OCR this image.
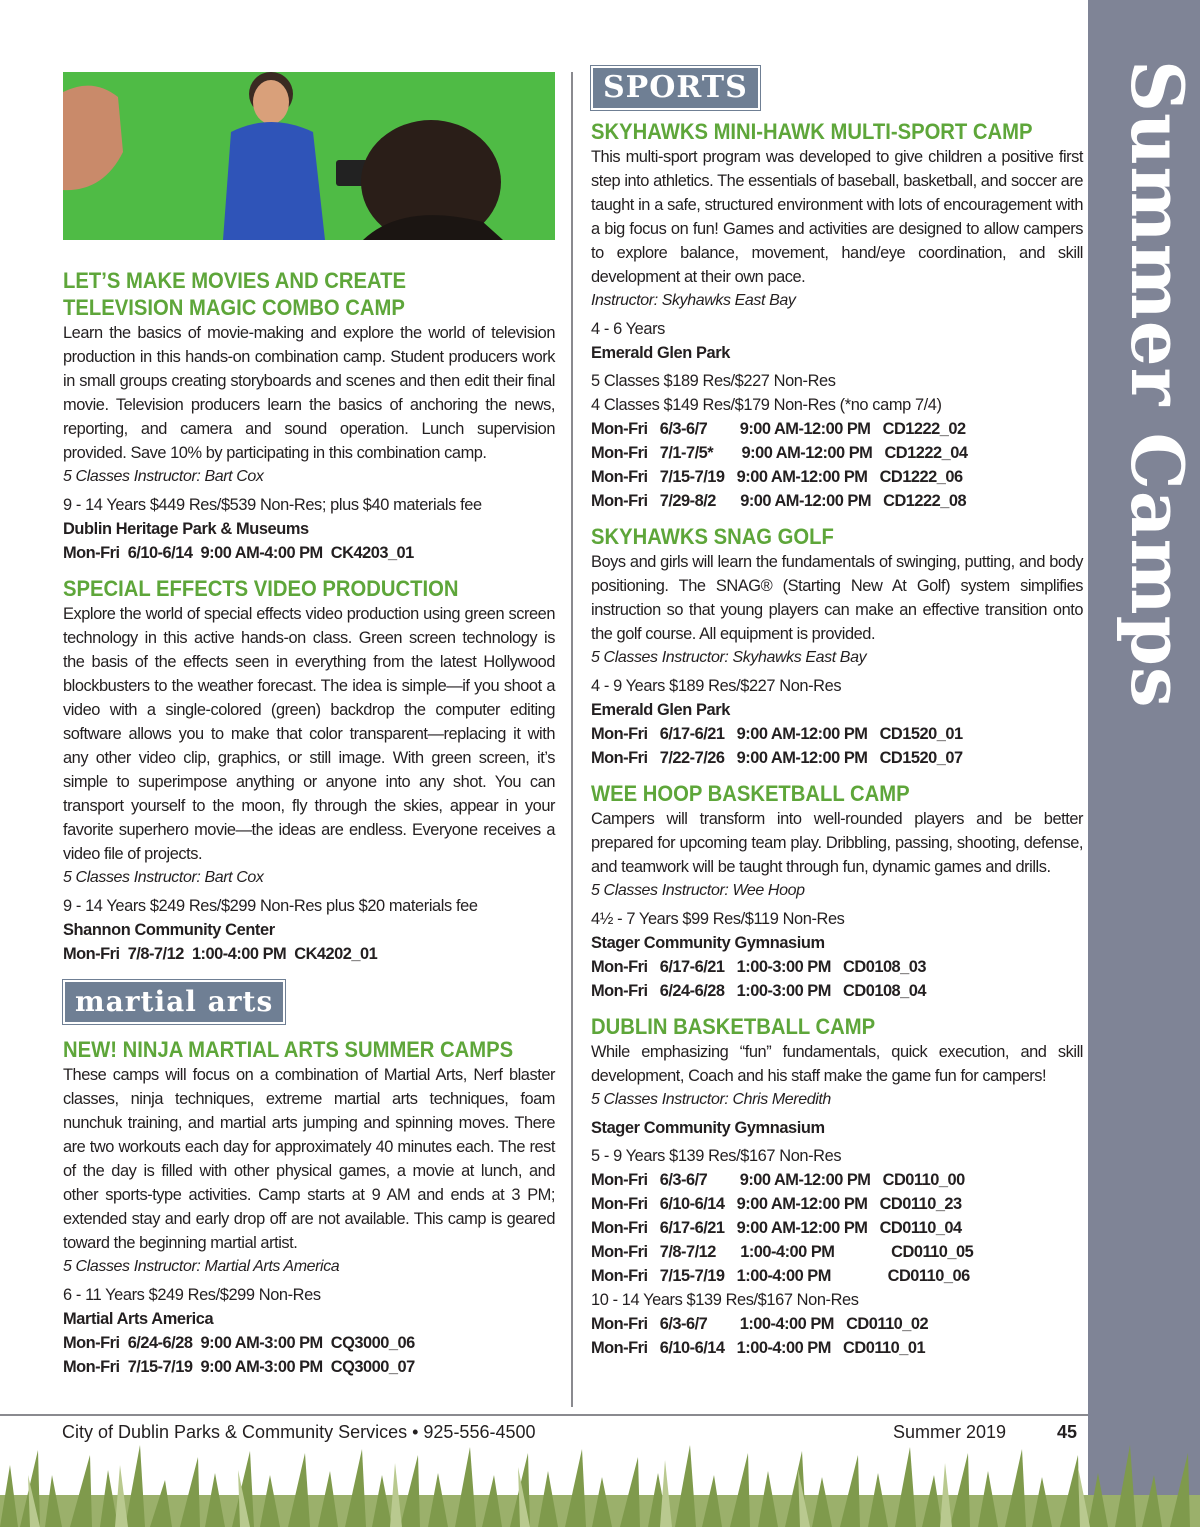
Summer Camps
LET’S MAKE MOVIES AND CREATE TELEVISION MAGIC COMBO CAMP

Learn the basics of movie-making and explore the world of television production in this hands-on combination camp. Student producers work in small groups creating storyboards and scenes and then edit their final movie. Television producers learn the basics of anchoring the news, reporting, and camera and sound operation. Lunch supervision provided. Save 10% by participating in this combination camp.

5 Classes Instructor: Bart Cox

9 - 14 Years $449 Res/$539 Non-Res; plus $40 materials fee

Dublin Heritage Park & Museums

Mon-Fri  6/10-6/14  9:00 AM-4:00 PM  CK4203_01

SPECIAL EFFECTS VIDEO PRODUCTION

Explore the world of special effects video production using green screen technology in this active hands-on class. Green screen technology is the basis of the effects seen in everything from the latest Hollywood blockbusters to the weather forecast. The idea is simple—if you shoot a video with a single-colored (green) backdrop the computer editing software allows you to make that color transparent—replacing it with any other video clip, graphics, or still image. With green screen, it’s simple to superimpose anything or anyone into any shot. You can transport yourself to the moon, fly through the skies, appear in your favorite superhero movie—the ideas are endless. Everyone receives a video file of projects.

5 Classes Instructor: Bart Cox

9 - 14 Years $249 Res/$299 Non-Res plus $20 materials fee

Shannon Community Center

Mon-Fri  7/8-7/12  1:00-4:00 PM  CK4202_01

martial arts
NEW! NINJA MARTIAL ARTS SUMMER CAMPS

These camps will focus on a combination of Martial Arts, Nerf blaster classes, ninja techniques, extreme martial arts techniques, foam nunchuk training, and martial arts jumping and spinning moves. There are two workouts each day for approximately 40 minutes each. The rest of the day is filled with other physical games, a movie at lunch, and other sports-type activities. Camp starts at 9 AM and ends at 3 PM; extended stay and early drop off are not available. This camp is geared toward the beginning martial artist.

5 Classes Instructor: Martial Arts America

6 - 11 Years $249 Res/$299 Non-Res

Martial Arts America

Mon-Fri  6/24-6/28  9:00 AM-3:00 PM  CQ3000_06

Mon-Fri  7/15-7/19  9:00 AM-3:00 PM  CQ3000_07

SPORTS
SKYHAWKS MINI-HAWK MULTI-SPORT CAMP

This multi-sport program was developed to give children a positive first step into athletics. The essentials of baseball, basketball, and soccer are taught in a safe, structured environment with lots of encouragement with a big focus on fun! Games and activities are designed to allow campers to explore balance, movement, hand/eye coordination, and skill development at their own pace.

Instructor: Skyhawks East Bay

4 - 6 Years

Emerald Glen Park

5 Classes $189 Res/$227 Non-Res

4 Classes $149 Res/$179 Non-Res (*no camp 7/4)

Mon-Fri   6/3-6/7        9:00 AM-12:00 PM   CD1222_02

Mon-Fri   7/1-7/5*       9:00 AM-12:00 PM   CD1222_04

Mon-Fri   7/15-7/19   9:00 AM-12:00 PM   CD1222_06

Mon-Fri   7/29-8/2      9:00 AM-12:00 PM   CD1222_08

SKYHAWKS SNAG GOLF

Boys and girls will learn the fundamentals of swinging, putting, and body positioning. The SNAG® (Starting New At Golf) system simplifies instruction so that young players can make an effective transition onto the golf course. All equipment is provided.

5 Classes Instructor: Skyhawks East Bay

4 - 9 Years $189 Res/$227 Non-Res

Emerald Glen Park

Mon-Fri   6/17-6/21   9:00 AM-12:00 PM   CD1520_01

Mon-Fri   7/22-7/26   9:00 AM-12:00 PM   CD1520_07

WEE HOOP BASKETBALL CAMP

Campers will transform into well-rounded players and be better prepared for upcoming team play. Dribbling, passing, shooting, defense, and teamwork will be taught through fun, dynamic games and drills.

5 Classes Instructor: Wee Hoop

4½ - 7 Years $99 Res/$119 Non-Res

Stager Community Gymnasium

Mon-Fri   6/17-6/21   1:00-3:00 PM   CD0108_03

Mon-Fri   6/24-6/28   1:00-3:00 PM   CD0108_04

DUBLIN BASKETBALL CAMP

While emphasizing “fun” fundamentals, quick execution, and skill development, Coach and his staff make the game fun for campers!

5 Classes Instructor: Chris Meredith

Stager Community Gymnasium

5 - 9 Years $139 Res/$167 Non-Res

Mon-Fri   6/3-6/7        9:00 AM-12:00 PM   CD0110_00

Mon-Fri   6/10-6/14   9:00 AM-12:00 PM   CD0110_23

Mon-Fri   6/17-6/21   9:00 AM-12:00 PM   CD0110_04

Mon-Fri   7/8-7/12      1:00-4:00 PM              CD0110_05

Mon-Fri   7/15-7/19   1:00-4:00 PM              CD0110_06

10 - 14 Years $139 Res/$167 Non-Res

Mon-Fri   6/3-6/7        1:00-4:00 PM   CD0110_02

Mon-Fri   6/10-6/14   1:00-4:00 PM   CD0110_01

City of Dublin Parks & Community Services • 925-556-4500	Summer 2019	45
